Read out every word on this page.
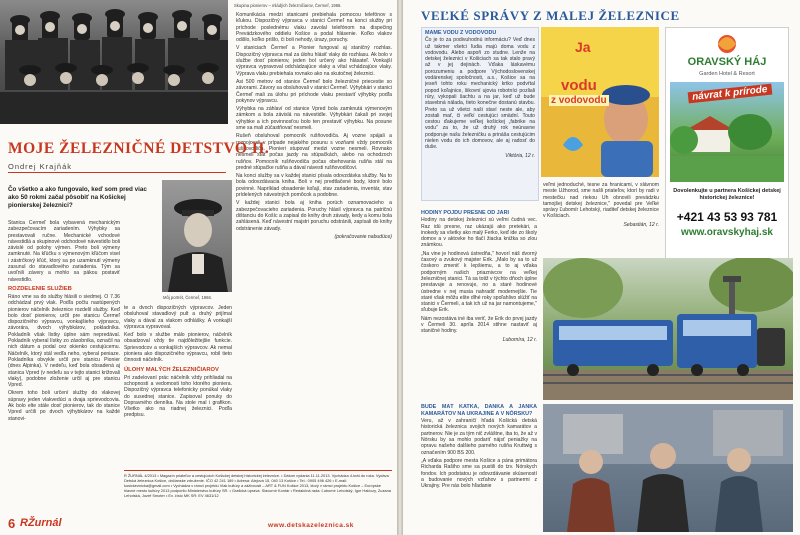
Skupina pionierov – mládých železničiarov, Čermeľ, 1966.

Komunikácia medzi stanicami prebiehala pomocou telefónov s kľukou. Dispozičný výpravca v stanici Čermeľ na konci služby pri príchode poslednému vlaku zavolal telefónom na dispečing Prevádzkového oddielu Košice a podal hlásenie. Koľko vlakov odišlo, koľko prišlo, či boli nehody, úrazy, poruchy.

V staniciach Čermeľ a Pionier fungoval aj staničný rozhlas. Dispozičný výpravca mal za úlohu hlásiť vlaky do rozhlasu. Ak bolo v službe dosť pionierov, jeden bol určený ako hlásateľ. Vonkajší výpravca vypravoval odchádzajúce vlaky a vítal vchádzajúce vlaky. Výprava vlaku prebiehala rovnako ako na skutočnej železnici.

Asi 500 metrov od stanice Čermeľ bolo železničné priecestie so závorami. Závory sa obsluhovali v stanici Čermeľ. Výhybkári v stanici Čermeľ mali za úlohu pri príchode vlaku prestaviť výhybky podľa pokynov výpravcu.

Výhybka na záhlaví od stanice Vpred bola zamknutá výmenovým zámkom a bola závislá na návestidle. Výhybkári čakali pri svojej výhybke a ich povinnosťou bolo ten prestaviť výhybku. Na posune sme sa mali zúčastňovať nesmeli.

Rušeň obsluhoval pomocník rušňovodiča. Aj vozne spájali a rozpojovali v prípade nejakého posunu s vozňami vždy pomocník rušňovodiča. Pionieri stupovať medzi vozne nesmeli. Rovnako nesmeli stáť počas jazdy na stúpačkách, alebo na ochodzoch rušňov. Pomocník rušňovodiča počas obehovania rušňa stál na predné stúpačke rušňa a dával návesti rušňovodičovi.

Na konci služby sa v každej stanici písala odovzdávka služby. Na to bola odovzdávacia kniha. Boli v nej predtlačené body, ktoré bolo povinné. Napríklad obsadenie koľají, stav zariadenia, inventár, stav prídelených návestných pomôcok a podobne.

V každej stanici bola aj kniha porúch oznamovacieho a zabezpečovacieho zariadenia. Poruchy hlásil výpravca na patričnú dištanciu do Košíc a zapisal do knihy druh závady, kedy a komu bola zahlásená. Keď návestní majstri poruchu odstránili, zapísali do knihy odstránenie závady.

(pokračovanie nabudúce)

MOJE ŽELEZNIČNÉ DETSTVO II.
Ondrej Krajňák
Čo všetko a ako fungovalo, keď som pred viac ako 50 rokmi začal pôsobiť na Košickej pionierskej železnici?
Môj portrét, Čermeľ, 1966.

Stanica Čermeľ bola vybavená mechanickým zabezpečovacím zariadením. Výhybky sa prestavovali ručne. Mechanické vchodové návestidlá a skupinové odchodové návestidlo boli závislé od polohy výmen. Preto boli výmeny zamknuté. Na kľúčku s výmenovým kľúčom visel i zástrčkový kľúč, ktorý sa po uzamknutí výmeny zasunul do stavadlového zariadenia. Tým sa uvoľnili závery a mohlo sa pákou postaviť návestidlo.

ROZDELENIE SLUŽIEB

Ráno vme sa do služby hlásili o siedmej. O 7.36 odchádzal prvý vlak. Podľa počtu nastúpených pionierov náčelník železnice rozdelil služby. Keď bolo dosť pionierov, určil pre stanicu Čermeľ dispozičného výpravcu, vonkajšieho výpravcu, závorára, dvoch výhybkárov, pokladníka. Pokladník však lístky úplne sám nepredával. Pokladník vyberal lístky zo zásobníka, označil na nich dátum a podal cez okienko cestujúcemu. Náčelník, ktorý stál vedľa neho, vyberal peniaze. Pokladníka obvykle určil pre stanicu Pionier (dnes Alpinka). V nedeľu, keď bola obsadená aj stanica Vpred (v nedeľu sa v tejto stanici križovali vlaky), podobne zloženie určil aj pre stanicu Vpred.

Okrem toho boli určení služby do vlakovej súpravy jeden vlakvedúci a dvaja sprievodcovia. Ak bolo elte stále dosť pionierov, tak do stanice Vpred určili po dvoch výhybkárov na každé stanovi-

te a dvoch dispozičných výpravcov. Jeden obsluhoval stavadlový pult a druhý prijímal vlaky a dával za vlakom odhlášky. A vonkajší výpravca vypravoval.

Keď bolo v službe málo pionierov, náčelník obsadzoval vždy tie najdôležitejšie funkcie. Sprievodcov a vonkajších výpravcov. Ak nemal pioniera ako dispozičného výpravcu, robil tieto činnosti náčelník.

ÚLOHY MALÝCH ŽELEZNIČIAROV

Pri zadelovaní prác náčelník vždy prihliadal na schopnosti a vedomosti toho ktorého pioniera. Dispozičný výpravca telefonicky ponúkal vlaky do susednej stanice. Zapisoval ponuky do Dopravného denníka. Na stole mal i grafikon. Všetko ako na riadnej železnici. Podľa predpisu.

R ŽURNÁL 4/2013 • Magazín priateľov a cestujúcich Košickej detskej historickej železnice. • Dátum vydania 11.11.2013. Vychádza 4-krát do roka. Vydáva Detská železnica Košice, občianske združenie. IČO 42 241 189 • Adresa: Alejová 15, 040 13 Košice • Tel.: 0905 496 426 • E-mail: kosickeznicka@gmail.com • Vychádza v rámci projektu Vlak kultúry a záživnosti – ART & FUN Košice 2013, ktorý v rámci projektu Košice – Európske hlavné mesto kultúry 2013 podporilo Ministerstvo kultúry SR. • Grafická úprava: Slavomír Kontár • Redakčná rada: Ľubomír Lehotský, Igor Halčczy, Zuzana Lehotská, Jozef Smoter • Ev. číslo MK SR: EV 4631/12
6 RŽurnál	www.detskazeleznica.sk
VEĽKÉ SPRÁVY Z MALEJ ŽELEZNICE
MÁME VODU Z VODOVODU

Čo je to za podivuhodnú informáciu? Veď dnes už takmer všetci ľudia majú doma vodu z vodovodu. Alebo aspoň zo studne. Lenže na detskej železnici v Košiciach sa tak stalo pravý až v jej dejinách. Vďaka láskavému porozumeniu a podpore Východoslovenskej vodárenskej spoločnosti, a.s., Košice sa na jeseň tohto roku mechanický krtko podvŕtal popod koľajnice, šikovní ujovia robotníci pozliali rúry, vykopali šachtu a na jar, keď už bude stavebná nálada, tieto konečne dostanú stavbu. Preto sa už všetci naši staví neste ale, aby zostali mať, či veľkí cestujúci smädní. Touto cestou ďakujeme veľkej košickej „fabrike na vodu" za to, že už druhý rok neúnavne podporuje našu železničku a prináša cestujúcim nielen vodu do ich domovov, ale aj radosť do duše.

Viktória, 12 r.

Ja
vodu
z vodovodu
ORAVSKÝ HÁJ
Garden Hotel & Resort
návrat k prírode
Dovolenkujte u partnera Košickej detskej historickej železnice!
+421 43 53 93 781
www.oravskyhaj.sk
HODINY POJDÚ PRESNE OD JARI

Hodiny na detskej železnici sú veľmi čudná vec. Raz idú presne, raz ukázajú ako pretekári, a inokedy sa všetky ako malý Ferko, keď ide zo školy domov a v aktovke ho tlačí žiacka knižka so zlou známkou.

„Na vine je hodinová ústredňa," hovorí náš dvorný časový a zvukový majster Erik. „Malo by sa to už čoskoro zmeniť k lepšiemu, a to aj vďaka podporným našich priaznivcov na veľkej železničnej stanici. Tá sa totiž v týchto dňoch úplne prestavuje a renovuje, no a staré hodinové ústredne v nej musia nahradiť modernejšie. Tie staré však môžu ešte dlhé roky spoľahlivo slúžiť na stanici v Čermeli, a tak ich už na jar namontujeme," sľubuje Erik.

Nám nezostáva iné iba veriť, že Erik do prvej jazdy v Čermeli 30. apríla 2014 stihne nastaviť aj staničné hodiny.

Ľubomíra, 12 r.

BUDE MAŤ KATKA, DANKA A JANKA KAMARÁTOV NA UKRAJINE A V NÓRSKU?

Veru, až v zahraničí hľadá Košická detská historická železnica svojich nových kamarátov a partnerov. Nie je za tým nič zvláštne, iba to, že až v Nórsku by sa mohlo podariť nájsť peniažky na opravu našeho dalšieho parného rušňa Kruttwig s označením 900 BS 200.

„A vďaka podpore mesta Košice a pána primátora Richarda Rašiho sme sa pustili do tzv. Nórskych fondov. Ich podstatou je odovzdávanie skúseností a budovanie nových vzťahov s partnermi z Ukrajiny. Pre nás bolo hľadanie

veľmi jednoduché, tesne za hranicami, v slávnom meste Užhorod, sme našli priateľov, ktorí by radi v mestečku nad riekou Uh obnovili prevádzku tamojšej detskej železnice," povedal pre Veľké správy Ľubomír Lehotský, riaditeľ detskej železnice v Košiciach.

Sebastián, 12 r.
